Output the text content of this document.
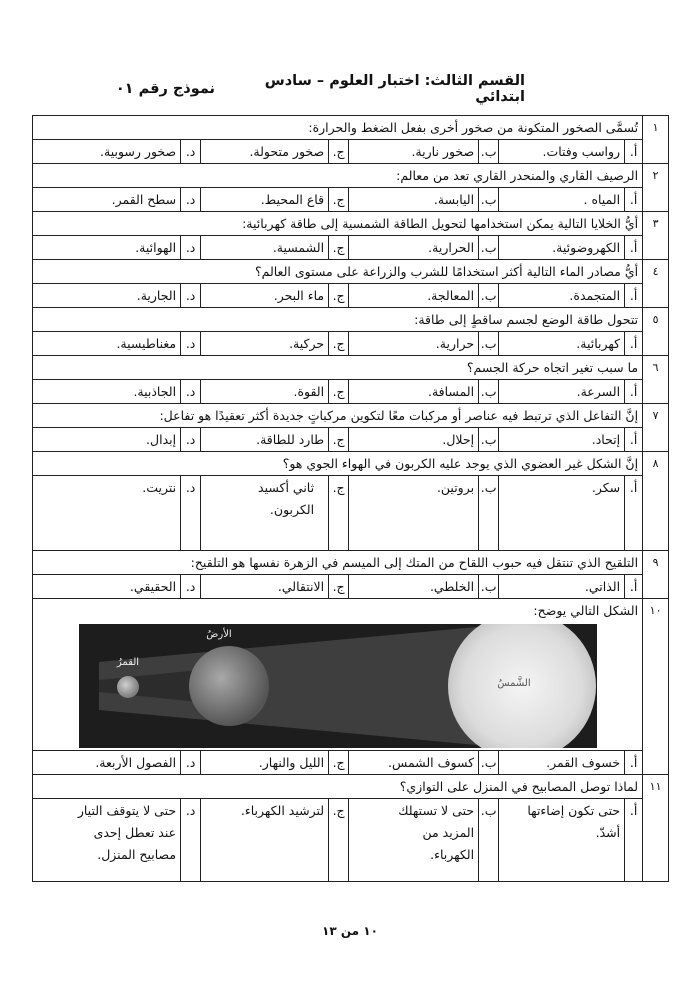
القسم الثالث: اختبار العلوم – سادس ابتدائي
نموذج رقم ٠١
١	تُسمَّى الصخور المتكونة من صخور أخرى بفعل الضغط والحرارة:							
	أ.	رواسب وفتات.	ب.	صخور نارية.	ج.	صخور متحولة.	د.	صخور رسوبية.
٢	الرصيف القاري والمنحدر القاري تعد من معالم:							
	أ.	المياه .	ب.	اليابسة.	ج.	قاع المحيط.	د.	سطح القمر.
٣	أيُّ الخلايا التالية يمكن استخدامها لتحويل الطاقة الشمسية إلى طاقة كهربائية:							
	أ.	الكهروضوئية.	ب.	الحرارية.	ج.	الشمسية.	د.	الهوائية.
٤	أيُّ مصادر الماء التالية أكثر استخدامًا للشرب والزراعة على مستوى العالم؟							
	أ.	المتجمدة.	ب.	المعالجة.	ج.	ماء البحر.	د.	الجارية.
٥	تتحول طاقة الوضع لجسم ساقطٍ إلى طاقة:							
	أ.	كهربائية.	ب.	حرارية.	ج.	حركية.	د.	مغناطيسية.
٦	ما سبب تغير اتجاه حركة الجسم؟							
	أ.	السرعة.	ب.	المسافة.	ج.	القوة.	د.	الجاذبية.
٧	إنَّ التفاعل الذي ترتبط فيه عناصر أو مركبات معًا لتكوين مركباتٍ جديدة أكثر تعقيدًا هو تفاعل:							
	أ.	إتحاد.	ب.	إحلال.	ج.	طارد للطاقة.	د.	إبدال.
٨	إنَّ الشكل غير العضوي الذي يوجد عليه الكربون في الهواء الجوي هو؟							
	أ.	سكر.	ب.	بروتين.	ج.	ثاني أكسيد الكربون.	د.	نتريت.
٩	التلقيح الذي تنتقل فيه حبوب اللقاح من المتك إلى الميسم في الزهرة نفسها هو التلقيح:							
	أ.	الذاتي.	ب.	الخلطي.	ج.	الانتقالي.	د.	الحقيقي.
١٠	الشكل التالي يوضح:							

الشَّمسُ
الأرضُ
القمرُ							

	أ.	خسوف القمر.	ب.	كسوف الشمس.	ج.	الليل والنهار.	د.	الفصول الأربعة.
١١	لماذا توصل المصابيح في المنزل على التوازي؟							
	أ.	حتى تكون إضاءتها أشدّ.	ب.	حتى لا تستهلك المزيد من الكهرباء.	ج.	لترشيد الكهرباء.	د.	حتى لا يتوقف التيار عند تعطل إحدى مصابيح المنزل.
١٠ من ١٣
